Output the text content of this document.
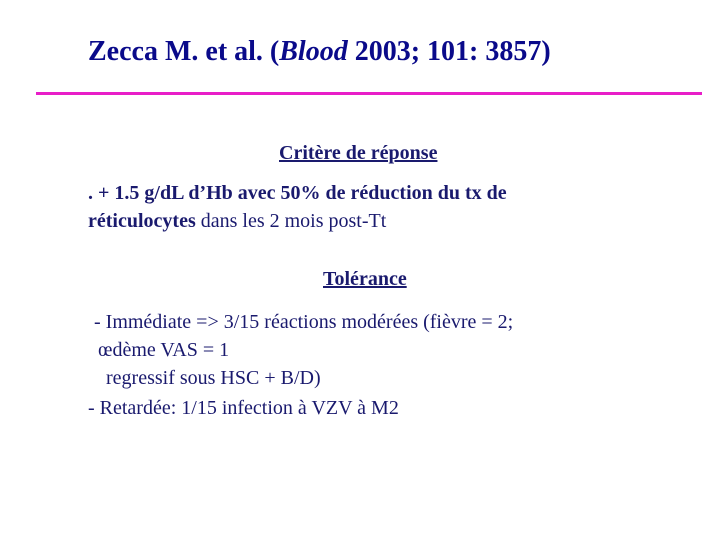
Zecca M. et al. (Blood 2003; 101: 3857)
Critère de réponse
. + 1.5 g/dL d’Hb avec 50% de réduction du tx de
réticulocytes dans les 2 mois post-Tt
Tolérance
- Immédiate => 3/15 réactions modérées (fièvre = 2;
œdème VAS = 1
regressif sous HSC + B/D)
- Retardée: 1/15 infection à VZV à M2
